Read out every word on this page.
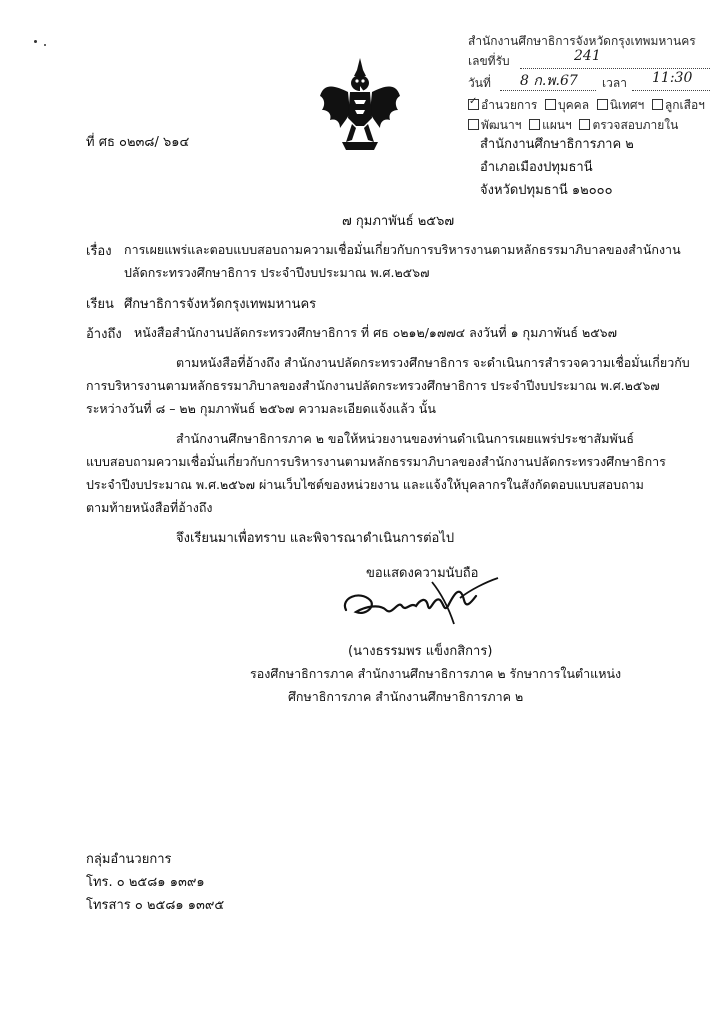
สำนักงานศึกษาธิการจังหวัดกรุงเทพมหานคร
เลขที่รับ	241
วันที่ 8 ก.พ.67 เวลา 11:30
✓อำนวยการ บุคคล นิเทศฯ ลูกเสือฯ
พัฒนาฯ แผนฯ ตรวจสอบภายใน
ที่ ศธ ๐๒๓๘/ ๖๑๔	สำนักงานศึกษาธิการภาค ๒
อำเภอเมืองปทุมธานี
จังหวัดปทุมธานี ๑๒๐๐๐
๗ กุมภาพันธ์ ๒๕๖๗
เรื่อง การเผยแพร่และตอบแบบสอบถามความเชื่อมั่นเกี่ยวกับการบริหารงานตามหลักธรรมาภิบาลของสำนักงาน
ปลัดกระทรวงศึกษาธิการ ประจำปีงบประมาณ พ.ศ.๒๕๖๗
เรียน ศึกษาธิการจังหวัดกรุงเทพมหานคร
อ้างถึง หนังสือสำนักงานปลัดกระทรวงศึกษาธิการ ที่ ศธ ๐๒๑๒/๑๗๗๔ ลงวันที่ ๑ กุมภาพันธ์ ๒๕๖๗
ตามหนังสือที่อ้างถึง สำนักงานปลัดกระทรวงศึกษาธิการ จะดำเนินการสำรวจความเชื่อมั่นเกี่ยวกับ
การบริหารงานตามหลักธรรมาภิบาลของสำนักงานปลัดกระทรวงศึกษาธิการ ประจำปีงบประมาณ พ.ศ.๒๕๖๗
ระหว่างวันที่ ๘ – ๒๒ กุมภาพันธ์ ๒๕๖๗ ความละเอียดแจ้งแล้ว นั้น
สำนักงานศึกษาธิการภาค ๒ ขอให้หน่วยงานของท่านดำเนินการเผยแพร่ประชาสัมพันธ์
แบบสอบถามความเชื่อมั่นเกี่ยวกับการบริหารงานตามหลักธรรมาภิบาลของสำนักงานปลัดกระทรวงศึกษาธิการ
ประจำปีงบประมาณ พ.ศ.๒๕๖๗ ผ่านเว็บไซต์ของหน่วยงาน และแจ้งให้บุคลากรในสังกัดตอบแบบสอบถาม
ตามท้ายหนังสือที่อ้างถึง
จึงเรียนมาเพื่อทราบ และพิจารณาดำเนินการต่อไป
ขอแสดงความนับถือ
(นางธรรมพร แข็งกสิการ)
รองศึกษาธิการภาค สำนักงานศึกษาธิการภาค ๒ รักษาการในตำแหน่ง
ศึกษาธิการภาค สำนักงานศึกษาธิการภาค ๒
กลุ่มอำนวยการ
โทร. ๐ ๒๕๘๑ ๑๓๙๑
โทรสาร ๐ ๒๕๘๑ ๑๓๙๕
